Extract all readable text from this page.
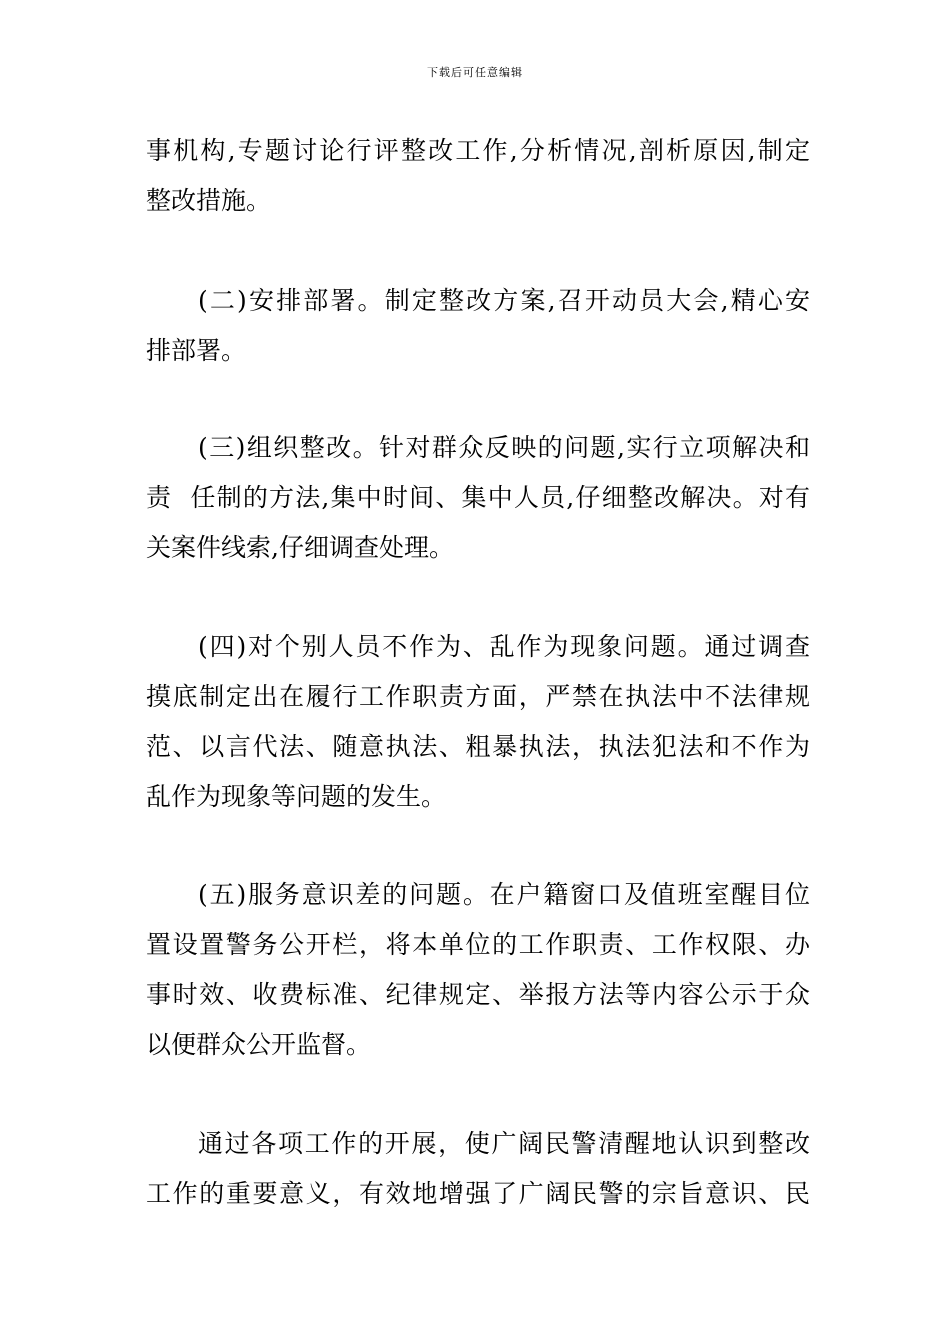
下载后可任意编辑
事机构,专题讨论行评整改工作,分析情况,剖析原因,制定
整改措施。
(二)安排部署。制定整改方案,召开动员大会,精心安
排部署。
(三)组织整改。针对群众反映的问题,实行立项解决和
责  任制的方法,集中时间、集中人员,仔细整改解决。对有
关案件线索,仔细调查处理。
(四)对个别人员不作为、乱作为现象问题。通过调查
摸底制定出在履行工作职责方面，严禁在执法中不法律规
范、以言代法、随意执法、粗暴执法，执法犯法和不作为
乱作为现象等问题的发生。
(五)服务意识差的问题。在户籍窗口及值班室醒目位
置设置警务公开栏，将本单位的工作职责、工作权限、办
事时效、收费标准、纪律规定、举报方法等内容公示于众
以便群众公开监督。
通过各项工作的开展，使广阔民警清醒地认识到整改
工作的重要意义，有效地增强了广阔民警的宗旨意识、民
